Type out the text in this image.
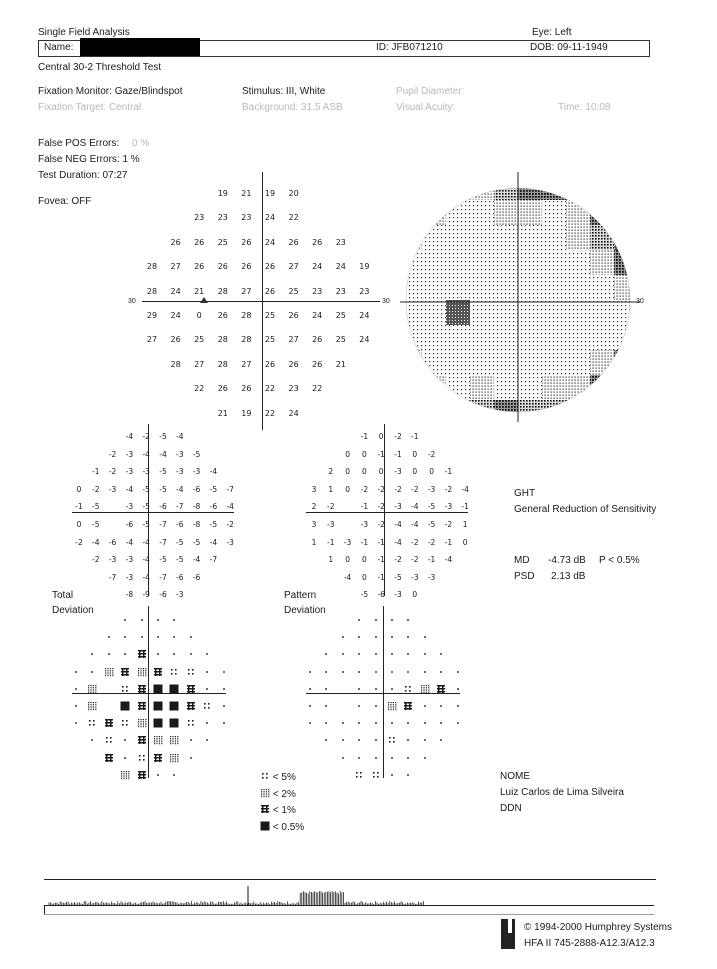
Single Field Analysis	Eye: Left
Name:	ID: JFB071210	DOB: 09-11-1949
Central 30-2 Threshold Test
Fixation Monitor: Gaze/Blindspot
Fixation Target: Central
Stimulus: III, White
Background: 31.5 ASB
Pupil Diameter:
Visual Acuity:	Time: 10:08
False POS Errors: 0 %
False NEG Errors: 1 %
Test Duration: 07:27
Fovea: OFF
30	30
19	21	19	20
23	23	23	24	22
26	26	25	26	24	26	26	23
28	27	26	26	26	26	27	24	24	19
28	24	21	28	27	26	25	23	23	23
29	24	0	26	28	25	26	24	25	24
27	26	25	28	28	25	27	26	25	24
28	27	28	27	26	26	26	21
22	26	26	22	23	22
21	19	22	24
30
-4	-2	-5	-4
-2	-3	-4	-4	-3	-5
-1	-2	-3	-3	-5	-3	-3	-4
0	-2	-3	-4	-5	-5	-4	-6	-5	-7
-1	-5	-3	-5	-6	-7	-8	-6	-4
0	-5	-6	-5	-7	-6	-8	-5	-2
-2	-4	-6	-4	-4	-7	-5	-5	-4	-3
-2	-3	-3	-4	-5	-5	-4	-7
-7	-3	-4	-7	-6	-6
-8	-9	-6	-3
Total
Deviation
-1	0	-2	-1
0	0	-1	-1	0	-2
2	0	0	0	-3	0	0	-1
3	1	0	-2	-2	-2	-2	-3	-2	-4
2	-2	-1	-2	-3	-4	-5	-3	-1
3	-3	-3	-2	-4	-4	-5	-2	1
1	-1	-3	-1	-1	-4	-2	-2	-1	0
1	0	0	-1	-2	-2	-1	-4
-4	0	-1	-5	-3	-3
-5	-6	-3	0
Pattern
Deviation
GHT
General Reduction of Sensitivity
MD -4.73 dB P < 0.5%
PSD 2.13 dB
< 5%
< 2%
< 1%
< 0.5%
NOME
Luiz Carlos de Lima Silveira
DDN
© 1994-2000 Humphrey Systems
HFA II 745-2888-A12.3/A12.3
